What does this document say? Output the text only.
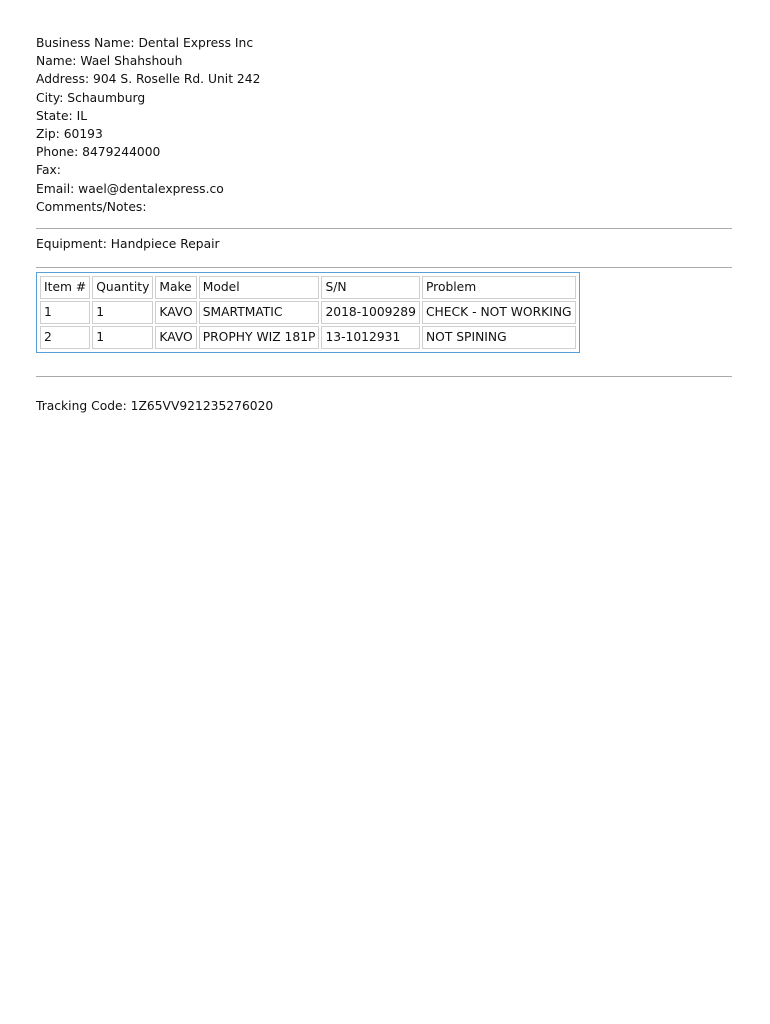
Business Name: Dental Express Inc
Name: Wael Shahshouh
Address: 904 S. Roselle Rd. Unit 242
City: Schaumburg
State: IL
Zip: 60193
Phone: 8479244000
Fax:
Email: wael@dentalexpress.co
Comments/Notes:
Equipment: Handpiece Repair
Item #	Quantity	Make	Model	S/N	Problem
1	1	KAVO	SMARTMATIC	2018-1009289	CHECK - NOT WORKING
2	1	KAVO	PROPHY WIZ 181P	13-1012931	NOT SPINING
Tracking Code: 1Z65VV921235276020
